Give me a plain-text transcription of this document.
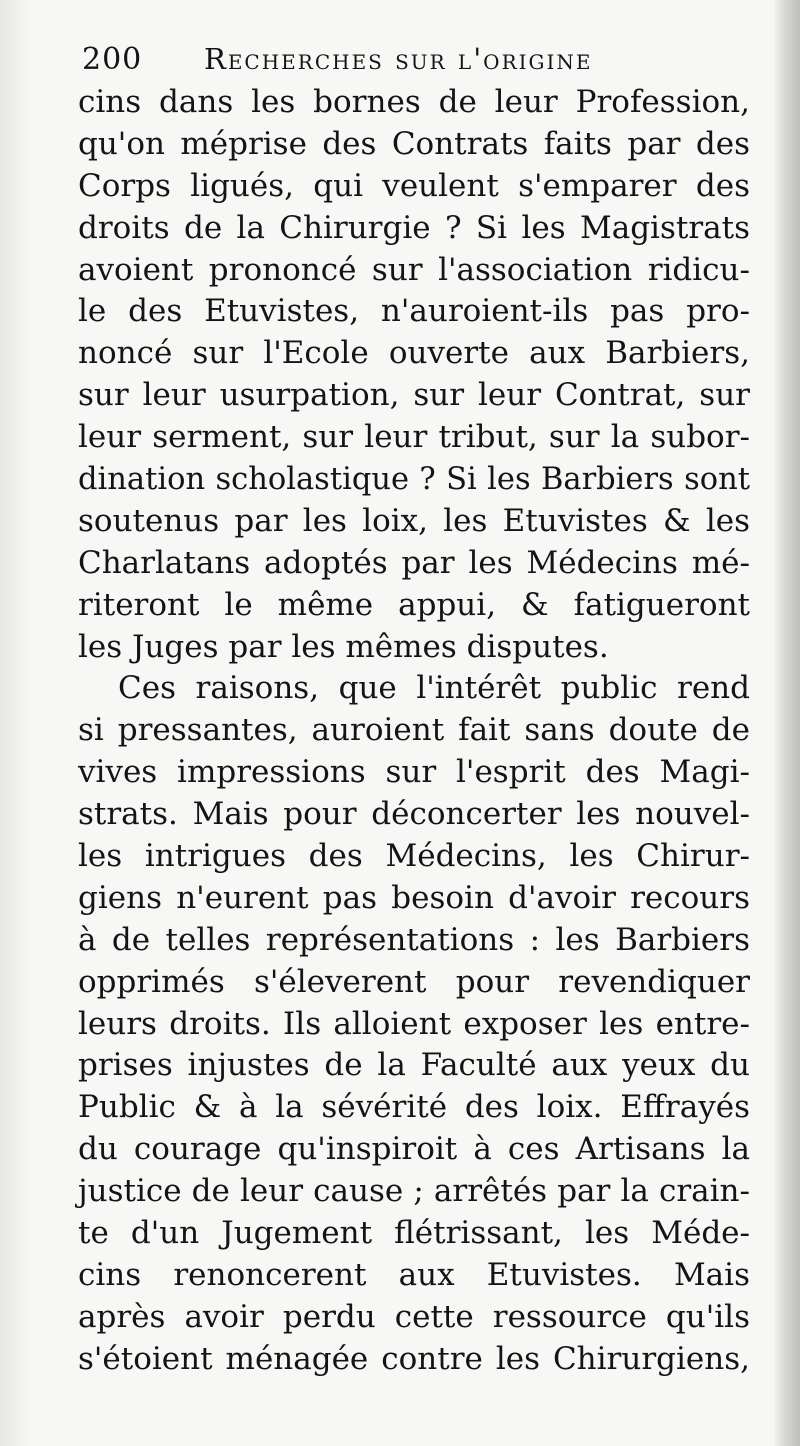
200 Recherches sur l'origine
cins dans les bornes de leur Profession,
qu'on méprise des Contrats faits par des
Corps ligués, qui veulent s'emparer des
droits de la Chirurgie ? Si les Magistrats
avoient prononcé sur l'association ridicu-
le des Etuvistes, n'auroient-ils pas pro-
noncé sur l'Ecole ouverte aux Barbiers,
sur leur usurpation, sur leur Contrat, sur
leur serment, sur leur tribut, sur la subor-
dination scholastique ? Si les Barbiers sont
soutenus par les loix, les Etuvistes & les
Charlatans adoptés par les Médecins mé-
riteront le même appui, & fatigueront
les Juges par les mêmes disputes.
Ces raisons, que l'intérêt public rend
si pressantes, auroient fait sans doute de
vives impressions sur l'esprit des Magi-
strats. Mais pour déconcerter les nouvel-
les intrigues des Médecins, les Chirur-
giens n'eurent pas besoin d'avoir recours
à de telles représentations : les Barbiers
opprimés s'éleverent pour revendiquer
leurs droits. Ils alloient exposer les entre-
prises injustes de la Faculté aux yeux du
Public & à la sévérité des loix. Effrayés
du courage qu'inspiroit à ces Artisans la
justice de leur cause ; arrêtés par la crain-
te d'un Jugement flétrissant, les Méde-
cins renoncerent aux Etuvistes. Mais
après avoir perdu cette ressource qu'ils
s'étoient ménagée contre les Chirurgiens,
